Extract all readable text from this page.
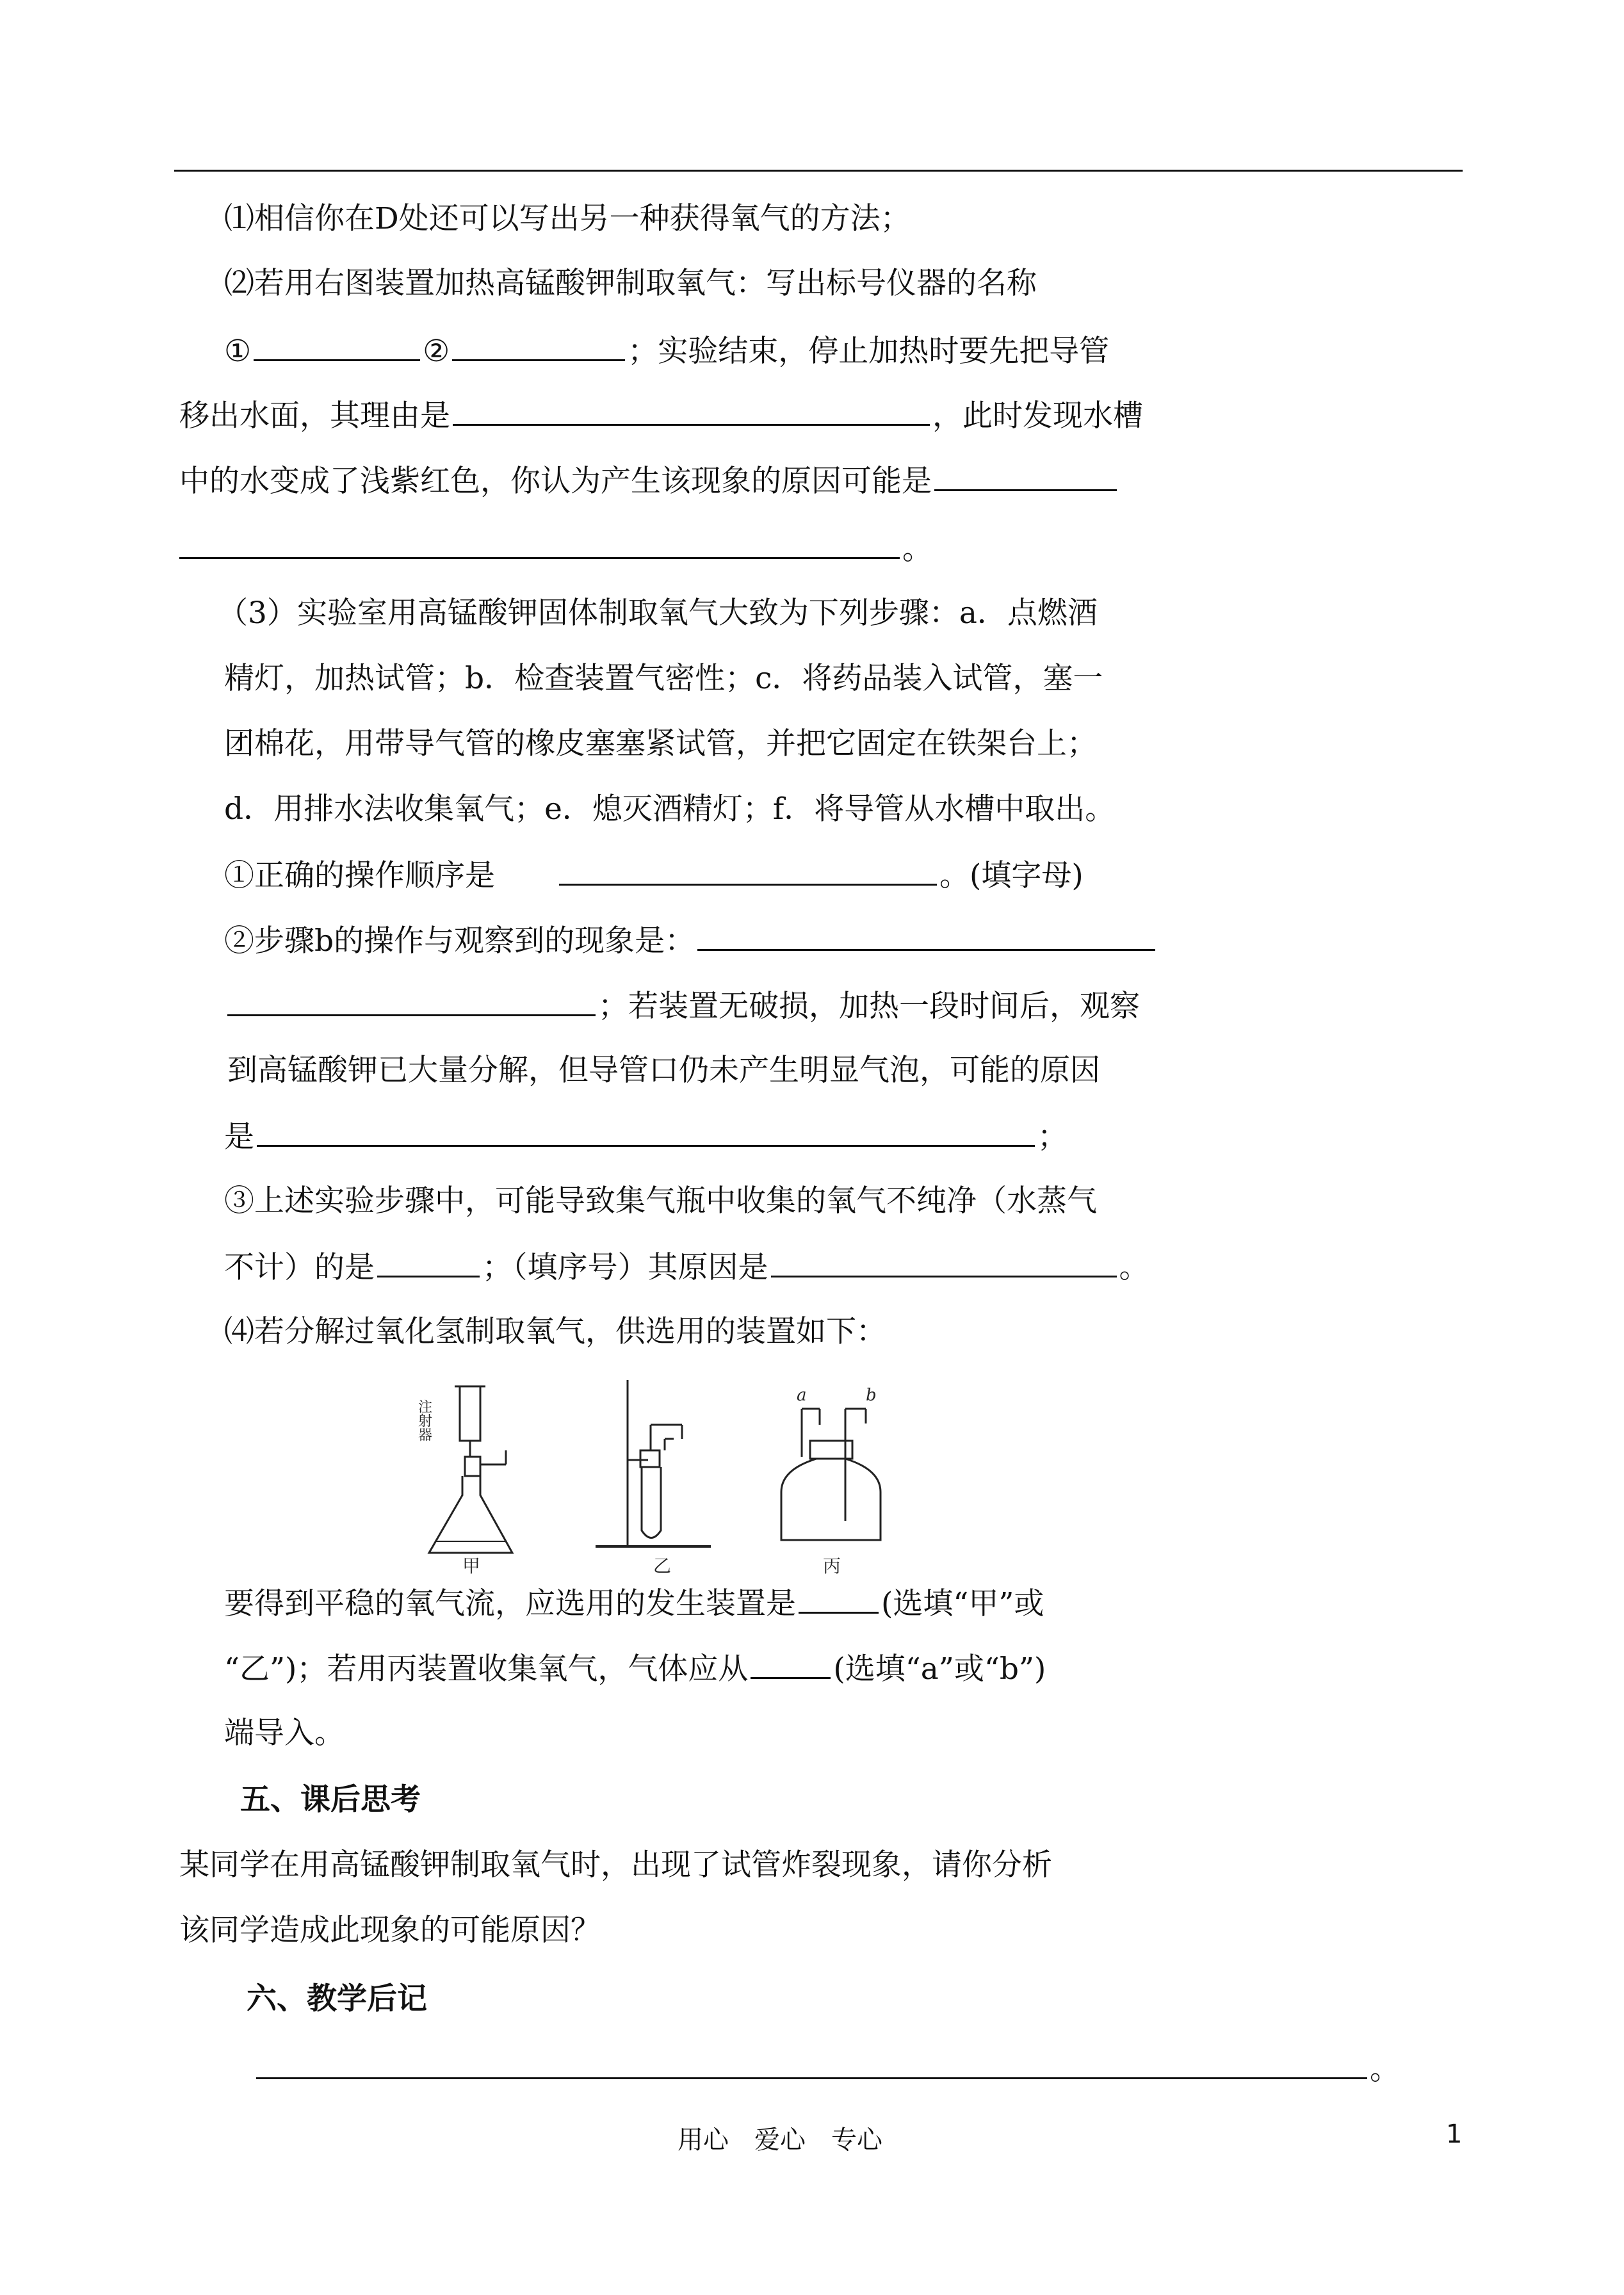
⑴相信你在D处还可以写出另一种获得氧气的方法；
⑵若用右图装置加热高锰酸钾制取氧气：写出标号仪器的名称
①	②	；实验结束，停止加热时要先把导管
移出水面，其理由是	，此时发现水槽
中的水变成了浅紫红色，你认为产生该现象的原因可能是
。
（3）实验室用高锰酸钾固体制取氧气大致为下列步骤：a．点燃酒
精灯，加热试管；b．检查装置气密性；c．将药品装入试管，塞一
团棉花，用带导气管的橡皮塞塞紧试管，并把它固定在铁架台上；
d．用排水法收集氧气；e．熄灭酒精灯；f．将导管从水槽中取出。
①正确的操作顺序是	。(填字母)
②步骤b的操作与观察到的现象是：
；若装置无破损，加热一段时间后，观察
到高锰酸钾已大量分解，但导管口仍未产生明显气泡，可能的原因
是	；
③上述实验步骤中，可能导致集气瓶中收集的氧气不纯净（水蒸气
不计）的是	；（填序号）其原因是	。
⑷若分解过氧化氢制取氧气，供选用的装置如下：
注射器
甲	乙	丙
a	b
要得到平稳的氧气流，应选用的发生装置是	(选填“甲”或
“乙”)；若用丙装置收集氧气，气体应从	(选填“a”或“b”)
端导入。
五、课后思考
某同学在用高锰酸钾制取氧气时，出现了试管炸裂现象，请你分析
该同学造成此现象的可能原因？
六、教学后记
。
用心　爱心　专心	1
